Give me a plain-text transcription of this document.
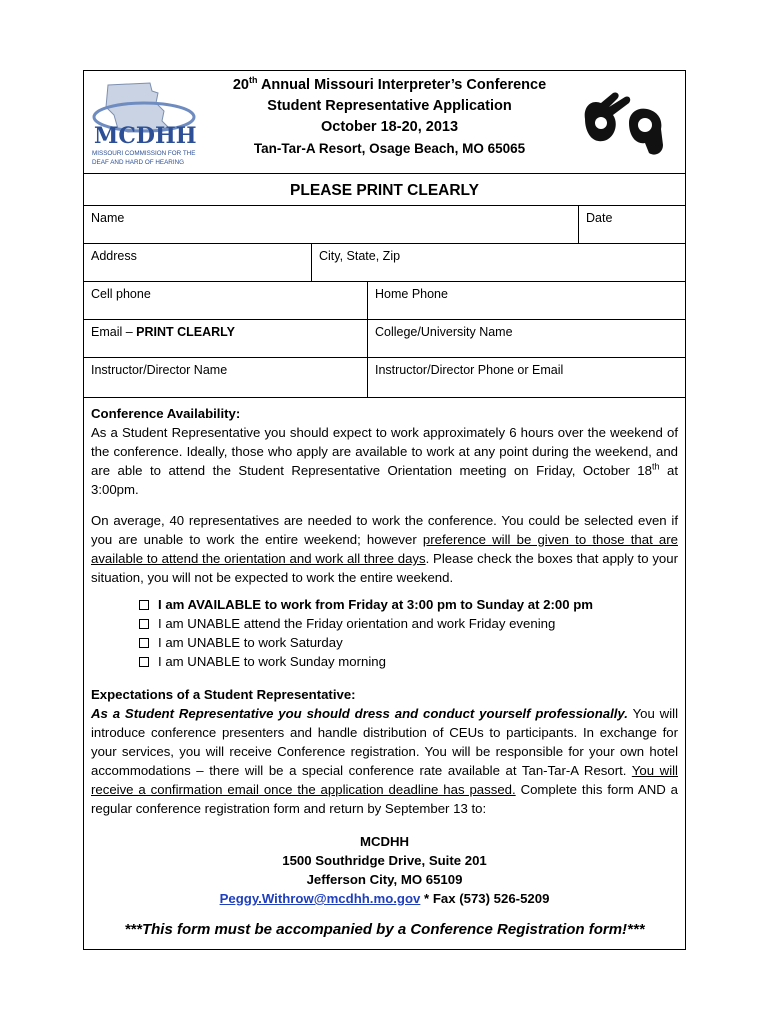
MCDHH
MISSOURI COMMISSION FOR THE
DEAF AND HARD OF HEARING
20th Annual Missouri Interpreter’s Conference
Student Representative Application
October 18-20, 2013
Tan-Tar-A Resort, Osage Beach, MO 65065
PLEASE PRINT CLEARLY
Name	Date
Address	City, State, Zip
Cell phone	Home Phone
Email – PRINT CLEARLY	College/University Name
Instructor/Director Name	Instructor/Director Phone or Email
Conference Availability:

As a Student Representative you should expect to work approximately 6 hours over the weekend of the conference. Ideally, those who apply are available to work at any point during the weekend, and are able to attend the Student Representative Orientation meeting on Friday, October 18th at 3:00pm.

On average, 40 representatives are needed to work the conference. You could be selected even if you are unable to work the entire weekend; however preference will be given to those that are available to attend the orientation and work all three days. Please check the boxes that apply to your situation, you will not be expected to work the entire weekend.

I am AVAILABLE to work from Friday at 3:00 pm to Sunday at 2:00 pm
I am UNABLE attend the Friday orientation and work Friday evening
I am UNABLE to work Saturday
I am UNABLE to work Sunday morning
Expectations of a Student Representative:

As a Student Representative you should dress and conduct yourself professionally. You will introduce conference presenters and handle distribution of CEUs to participants. In exchange for your services, you will receive Conference registration. You will be responsible for your own hotel accommodations – there will be a special conference rate available at Tan-Tar-A Resort. You will receive a confirmation email once the application deadline has passed. Complete this form AND a regular conference registration form and return by September 13 to:

MCDHH
1500 Southridge Drive, Suite 201
Jefferson City, MO 65109
Peggy.Withrow@mcdhh.mo.gov * Fax (573) 526-5209
***This form must be accompanied by a Conference Registration form!***
